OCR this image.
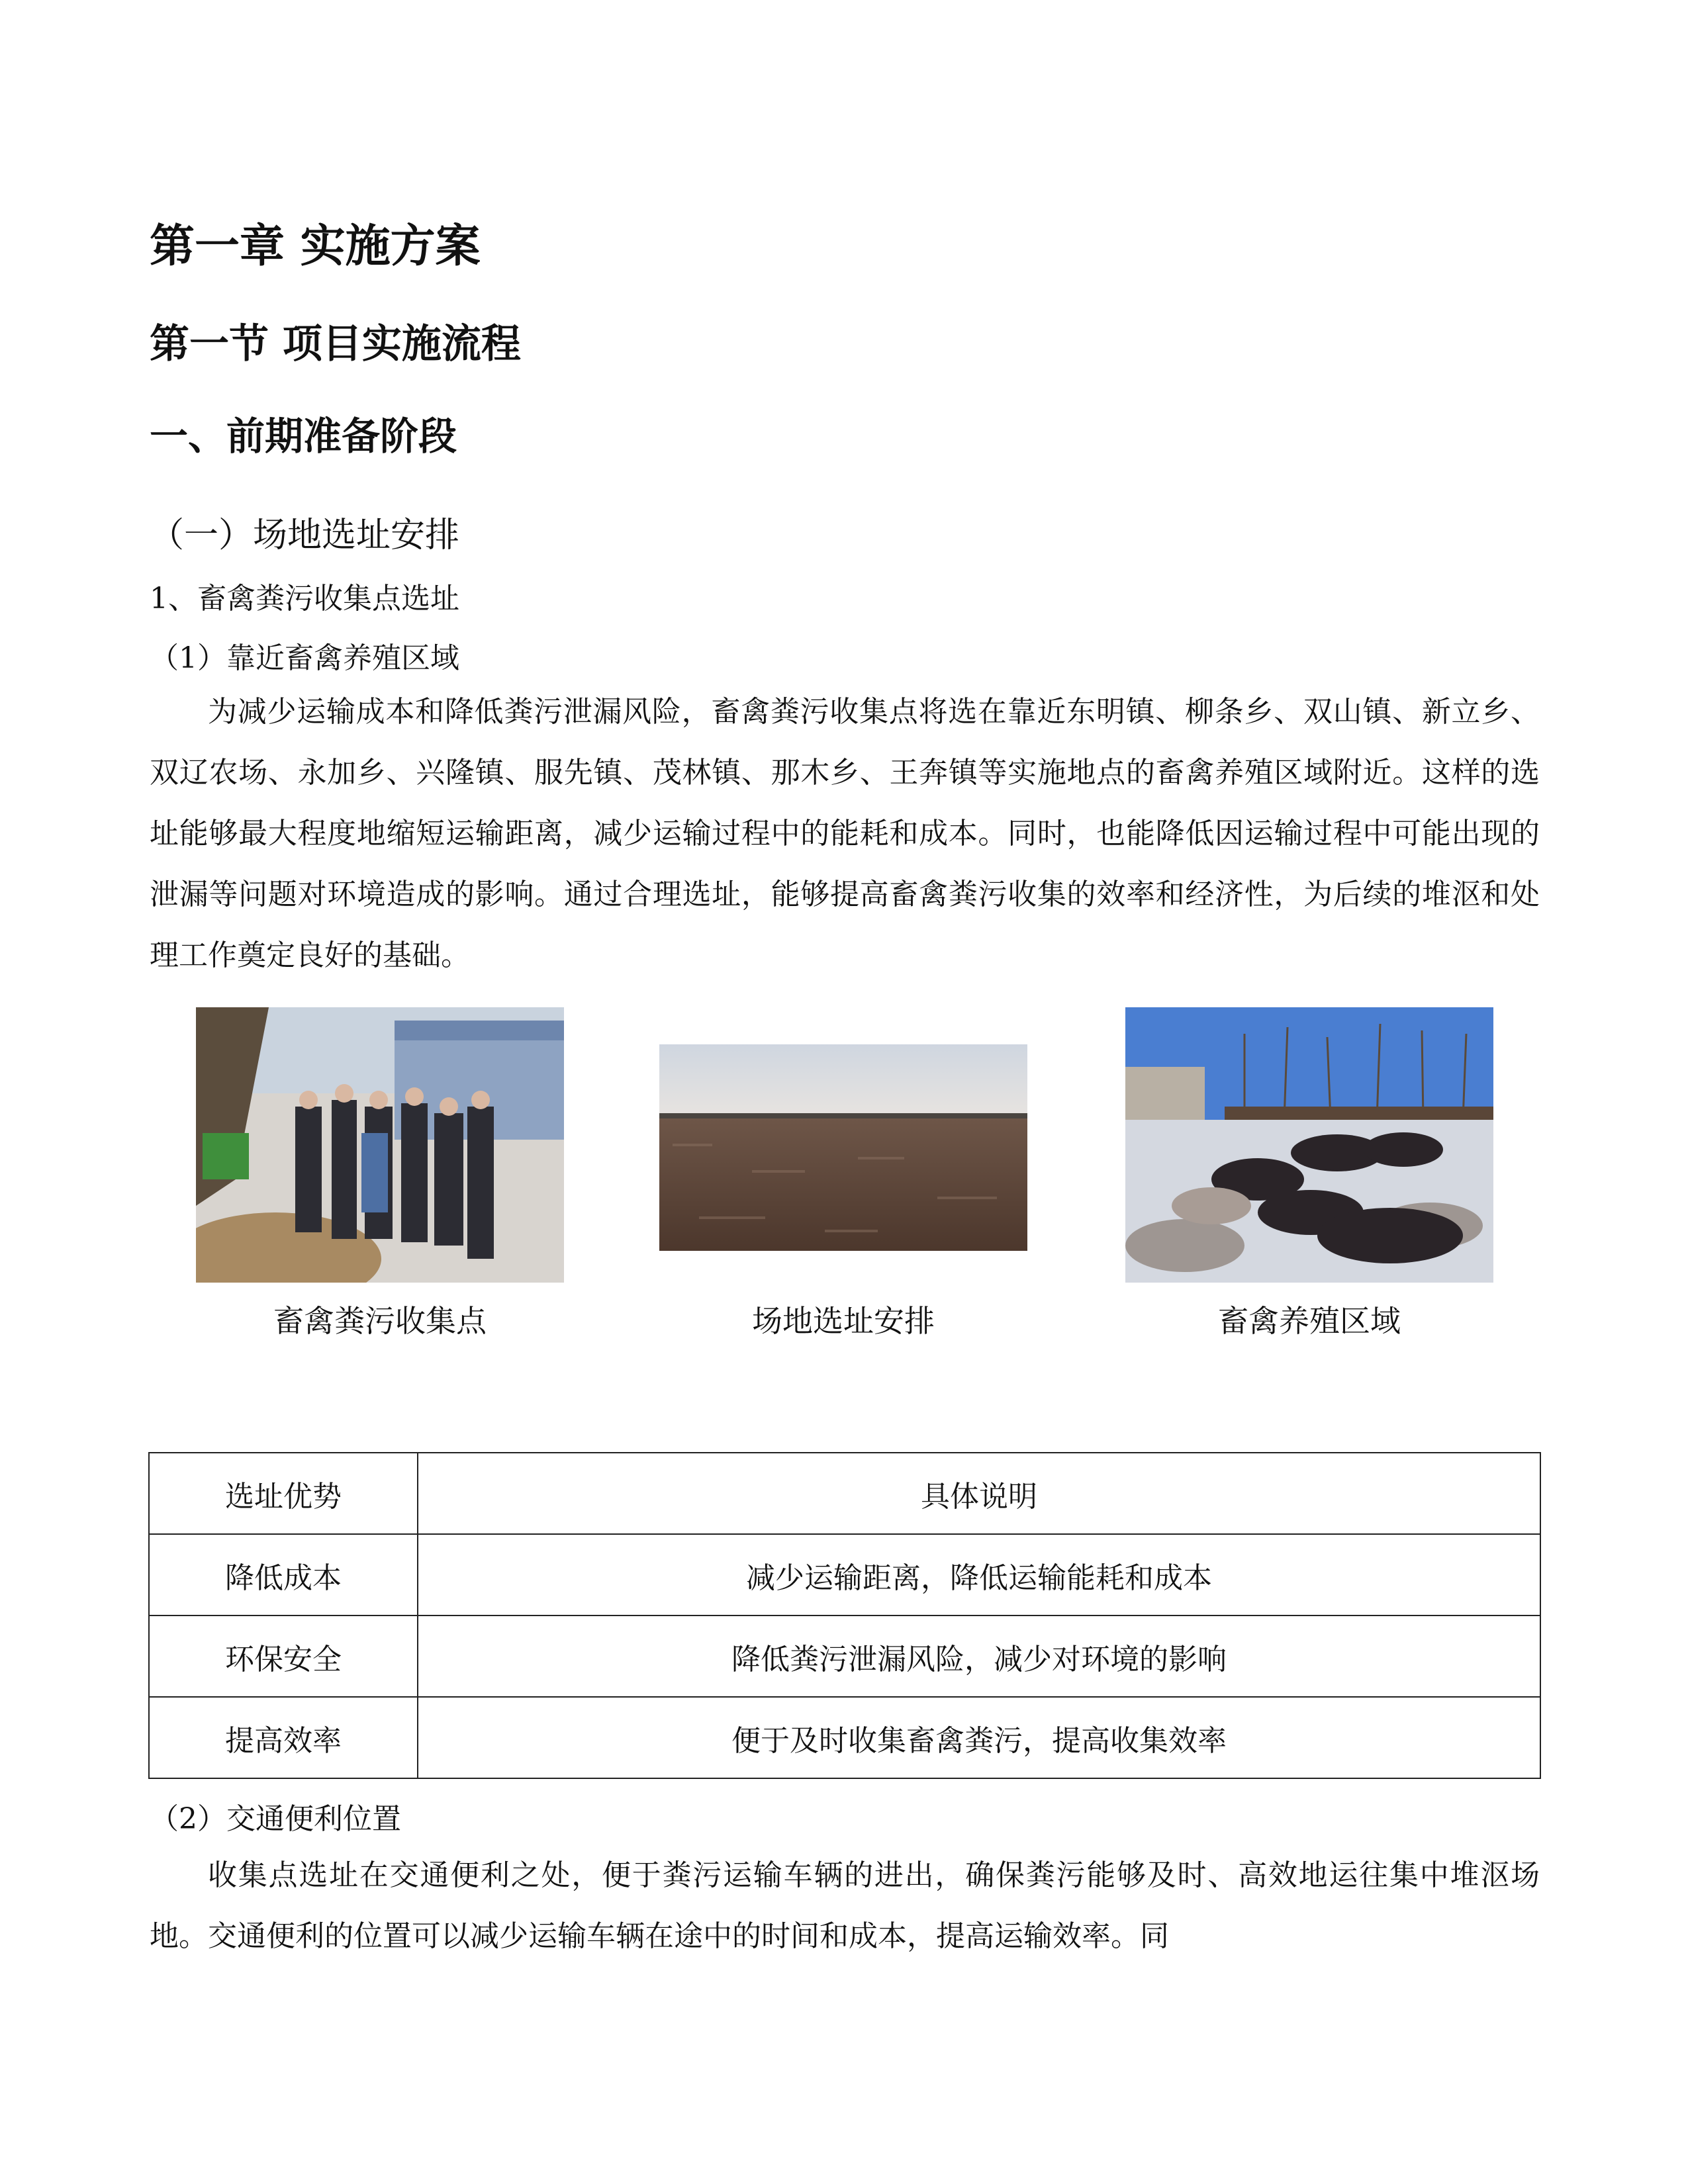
第一章 实施方案
第一节 项目实施流程
一、前期准备阶段
（一）场地选址安排
1、畜禽粪污收集点选址
（1）靠近畜禽养殖区域
为减少运输成本和降低粪污泄漏风险，畜禽粪污收集点将选在靠近东明镇、柳条乡、双山镇、新立乡、双辽农场、永加乡、兴隆镇、服先镇、茂林镇、那木乡、王奔镇等实施地点的畜禽养殖区域附近。这样的选址能够最大程度地缩短运输距离，减少运输过程中的能耗和成本。同时，也能降低因运输过程中可能出现的泄漏等问题对环境造成的影响。通过合理选址，能够提高畜禽粪污收集的效率和经济性，为后续的堆沤和处理工作奠定良好的基础。
畜禽粪污收集点	场地选址安排	畜禽养殖区域
选址优势	具体说明
降低成本	减少运输距离，降低运输能耗和成本
环保安全	降低粪污泄漏风险，减少对环境的影响
提高效率	便于及时收集畜禽粪污，提高收集效率
（2）交通便利位置
收集点选址在交通便利之处，便于粪污运输车辆的进出，确保粪污能够及时、高效地运往集中堆沤场地。交通便利的位置可以减少运输车辆在途中的时间和成本，提高运输效率。同
